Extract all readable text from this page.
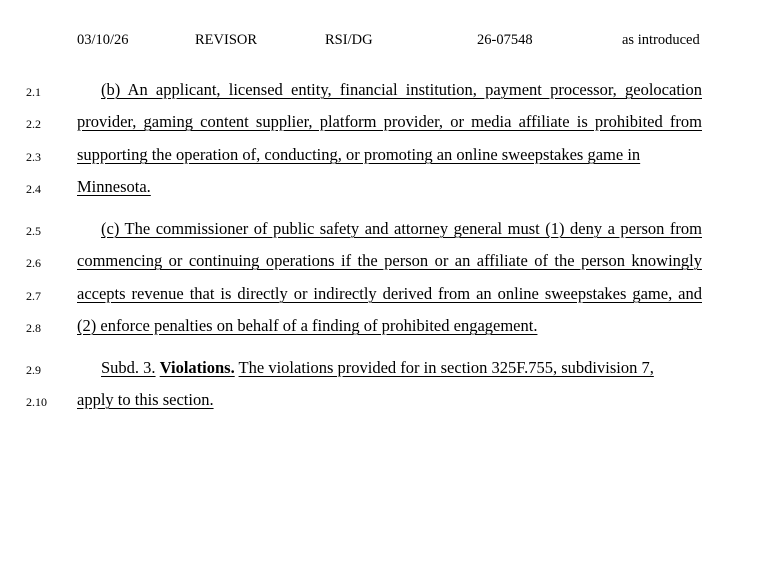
03/10/26	REVISOR	RSI/DG	26-07548	as introduced
2.1	(b) An applicant, licensed entity, financial institution, payment processor, geolocation
2.2 provider, gaming content supplier, platform provider, or media affiliate is prohibited from
2.3 supporting the operation of, conducting, or promoting an online sweepstakes game in
2.4 Minnesota.
2.5	(c) The commissioner of public safety and attorney general must (1) deny a person from
2.6 commencing or continuing operations if the person or an affiliate of the person knowingly
2.7 accepts revenue that is directly or indirectly derived from an online sweepstakes game, and
2.8 (2) enforce penalties on behalf of a finding of prohibited engagement.
2.9	Subd. 3. Violations. The violations provided for in section 325F.755, subdivision 7,
2.10 apply to this section.
